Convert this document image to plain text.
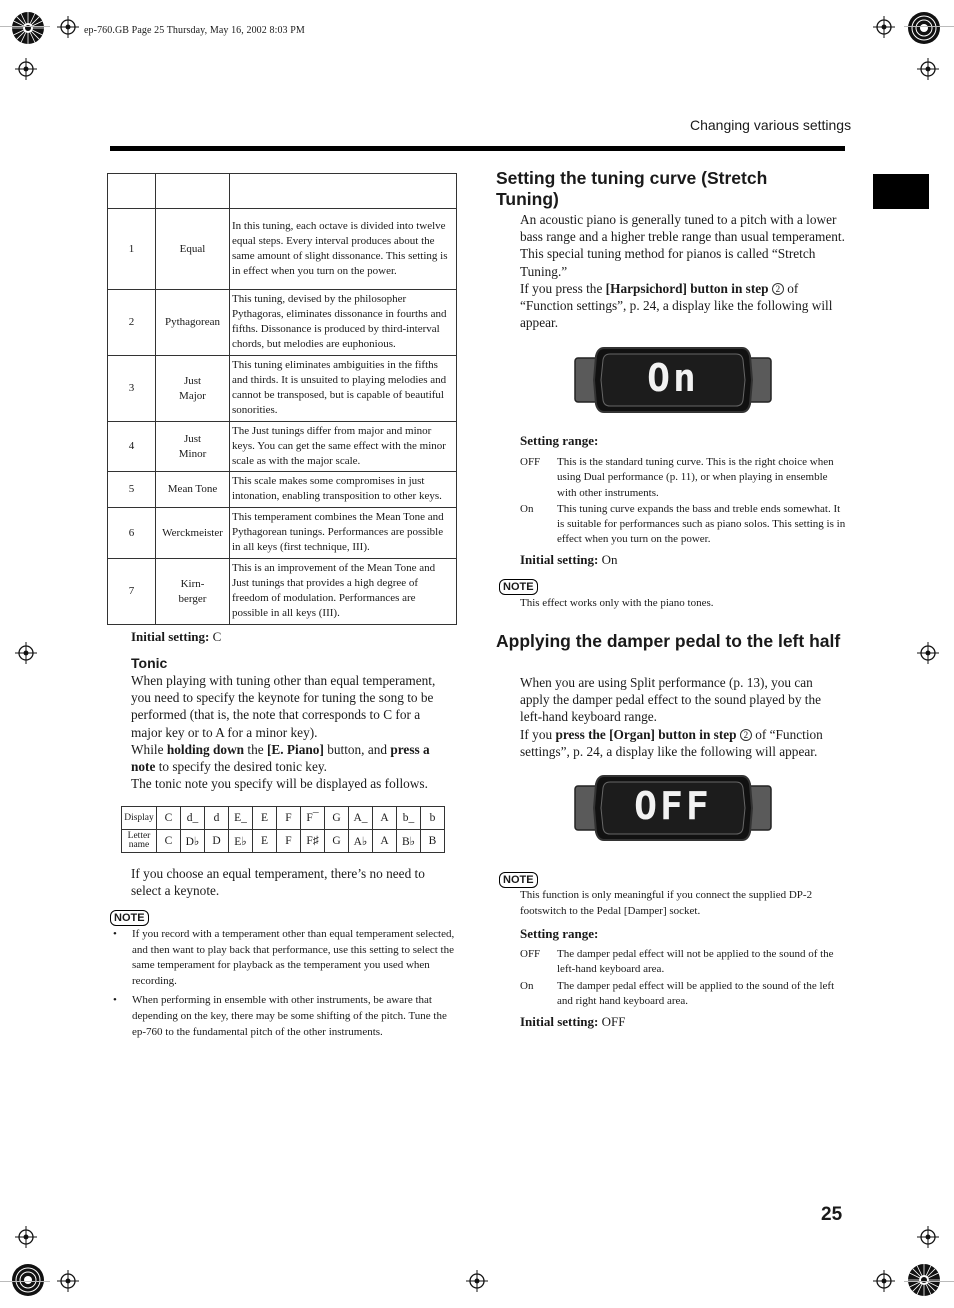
ep-760.GB Page 25 Thursday, May 16, 2002 8:03 PM
Changing various settings

1	Equal	In this tuning, each octave is divided into twelve equal steps. Every interval produces about the same amount of slight dissonance. This setting is in effect when you turn on the power.
2	Pythagorean	This tuning, devised by the philosopher Pythagoras, eliminates dissonance in fourths and fifths. Dissonance is produced by third-interval chords, but melodies are euphonious.
3	Just Major	This tuning eliminates ambiguities in the fifths and thirds. It is unsuited to playing melodies and cannot be transposed, but is capable of beautiful sonorities.
4	Just Minor	The Just tunings differ from major and minor keys. You can get the same effect with the minor scale as with the major scale.
5	Mean Tone	This scale makes some compromises in just intonation, enabling transposition to other keys.
6	Werckmeister	This temperament combines the Mean Tone and Pythagorean tunings. Performances are possible in all keys (first technique, III).
7	Kirn-berger	This is an improvement of the Mean Tone and Just tunings that provides a high degree of freedom of modulation. Performances are possible in all keys (III).
Initial setting: C
Tonic

When playing with tuning other than equal temperament, you need to specify the keynote for tuning the song to be performed (that is, the note that corresponds to C for a major key or to A for a minor key).

While holding down the [E. Piano] button, and press a note to specify the desired tonic key.

The tonic note you specify will be displayed as follows.

Display	C	d_	d	E_	E	F	F¯	G	A_	A	b_	b
Letter name	C	D♭	D	E♭	E	F	F♯	G	A♭	A	B♭	B
If you choose an equal temperament, there’s no need to select a keynote.
NOTE
• If you record with a temperament other than equal temperament selected, and then want to play back that performance, use this setting to select the same temperament for playback as the temperament you used when recording.
• When performing in ensemble with other instruments, be aware that depending on the key, there may be some shifting of the pitch. Tune the ep-760 to the fundamental pitch of the other instruments.
Setting the tuning curve (Stretch Tuning)

An acoustic piano is generally tuned to a pitch with a lower bass range and a higher treble range than usual temperament. This special tuning method for pianos is called “Stretch Tuning.”

If you press the [Harpsichord] button in step 2 of “Function settings”, p. 24, a display like the following will appear.

On
Setting range:
OFF	This is the standard tuning curve. This is the right choice when using Dual performance (p. 11), or when playing in ensemble with other instruments.
On	This tuning curve expands the bass and treble ends somewhat. It is suitable for performances such as piano solos. This setting is in effect when you turn on the power.
Initial setting: On
NOTE
This effect works only with the piano tones.
Applying the damper pedal to the left half

When you are using Split performance (p. 13), you can apply the damper pedal effect to the sound played by the left-hand keyboard range.

If you press the [Organ] button in step 2 of “Function settings”, p. 24, a display like the following will appear.

OFF
NOTE
This function is only meaningful if you connect the supplied DP-2 footswitch to the Pedal [Damper] socket.
Setting range:
OFF	The damper pedal effect will not be applied to the sound of the left-hand keyboard area.
On	The damper pedal effect will be applied to the sound of the left and right hand keyboard area.
Initial setting: OFF
25
